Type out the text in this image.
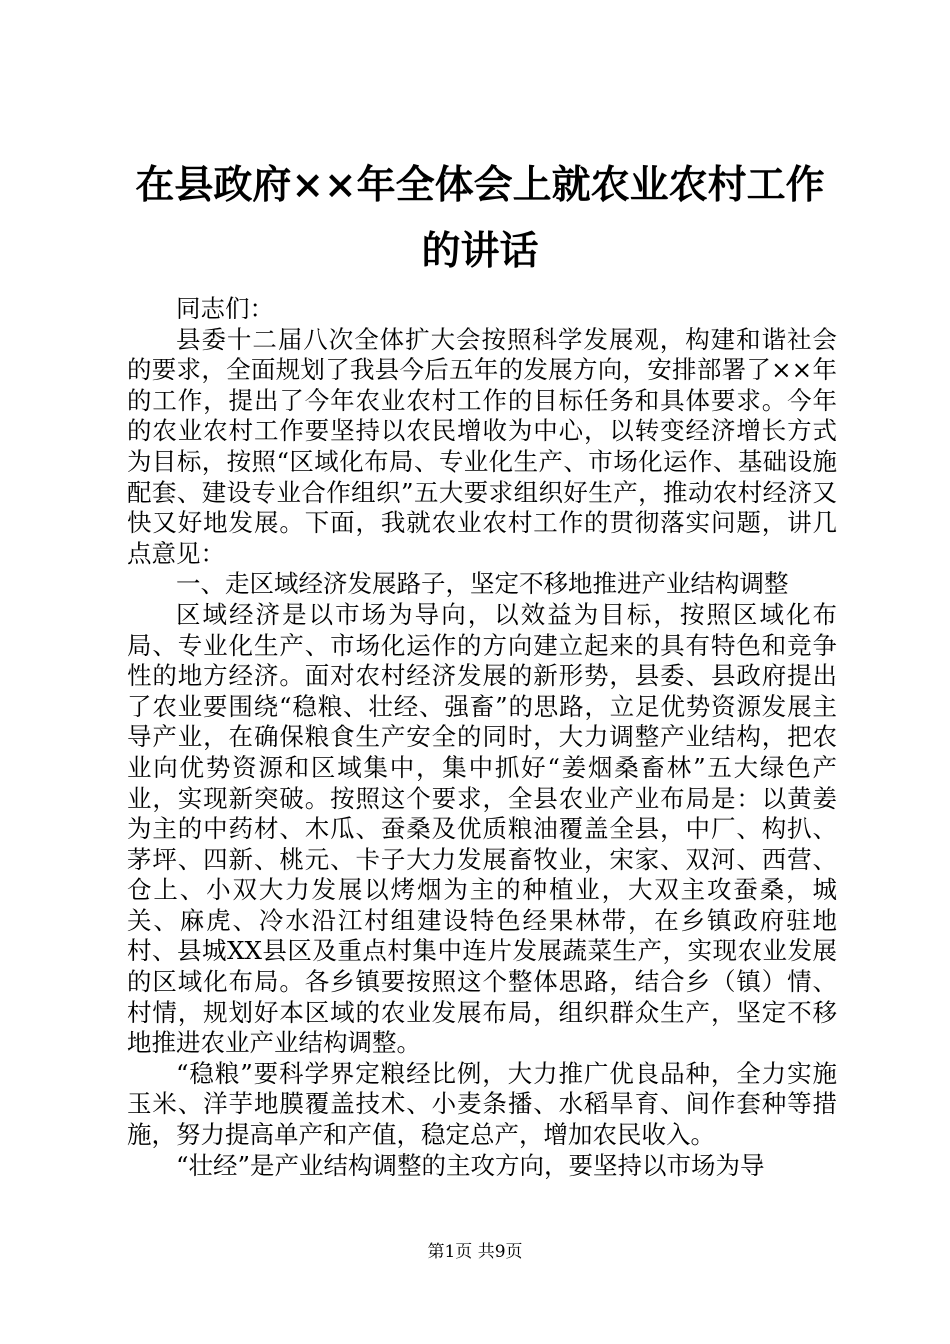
在县政府××年全体会上就农业农村工作的讲话

同志们：

县委十二届八次全体扩大会按照科学发展观，构建和谐社会的要求，全面规划了我县今后五年的发展方向，安排部署了××年的工作，提出了今年农业农村工作的目标任务和具体要求。今年的农业农村工作要坚持以农民增收为中心，以转变经济增长方式为目标，按照“区域化布局、专业化生产、市场化运作、基础设施配套、建设专业合作组织”五大要求组织好生产，推动农村经济又快又好地发展。下面，我就农业农村工作的贯彻落实问题，讲几点意见：

一、走区域经济发展路子，坚定不移地推进产业结构调整

区域经济是以市场为导向，以效益为目标，按照区域化布局、专业化生产、市场化运作的方向建立起来的具有特色和竞争性的地方经济。面对农村经济发展的新形势，县委、县政府提出了农业要围绕“稳粮、壮经、强畜”的思路，立足优势资源发展主导产业，在确保粮食生产安全的同时，大力调整产业结构，把农业向优势资源和区域集中，集中抓好“姜烟桑畜林”五大绿色产业，实现新突破。按照这个要求，全县农业产业布局是：以黄姜为主的中药材、木瓜、蚕桑及优质粮油覆盖全县，中厂、构扒、茅坪、四新、桃元、卡子大力发展畜牧业，宋家、双河、西营、仓上、小双大力发展以烤烟为主的种植业，大双主攻蚕桑，城关、麻虎、冷水沿江村组建设特色经果林带，在乡镇政府驻地村、县城XX县区及重点村集中连片发展蔬菜生产，实现农业发展的区域化布局。各乡镇要按照这个整体思路，结合乡（镇）情、村情，规划好本区域的农业发展布局，组织群众生产，坚定不移地推进农业产业结构调整。

“稳粮”要科学界定粮经比例，大力推广优良品种，全力实施玉米、洋芋地膜覆盖技术、小麦条播、水稻旱育、间作套种等措施，努力提高单产和产值，稳定总产，增加农民收入。

“壮经”是产业结构调整的主攻方向，要坚持以市场为导

第1页 共9页
